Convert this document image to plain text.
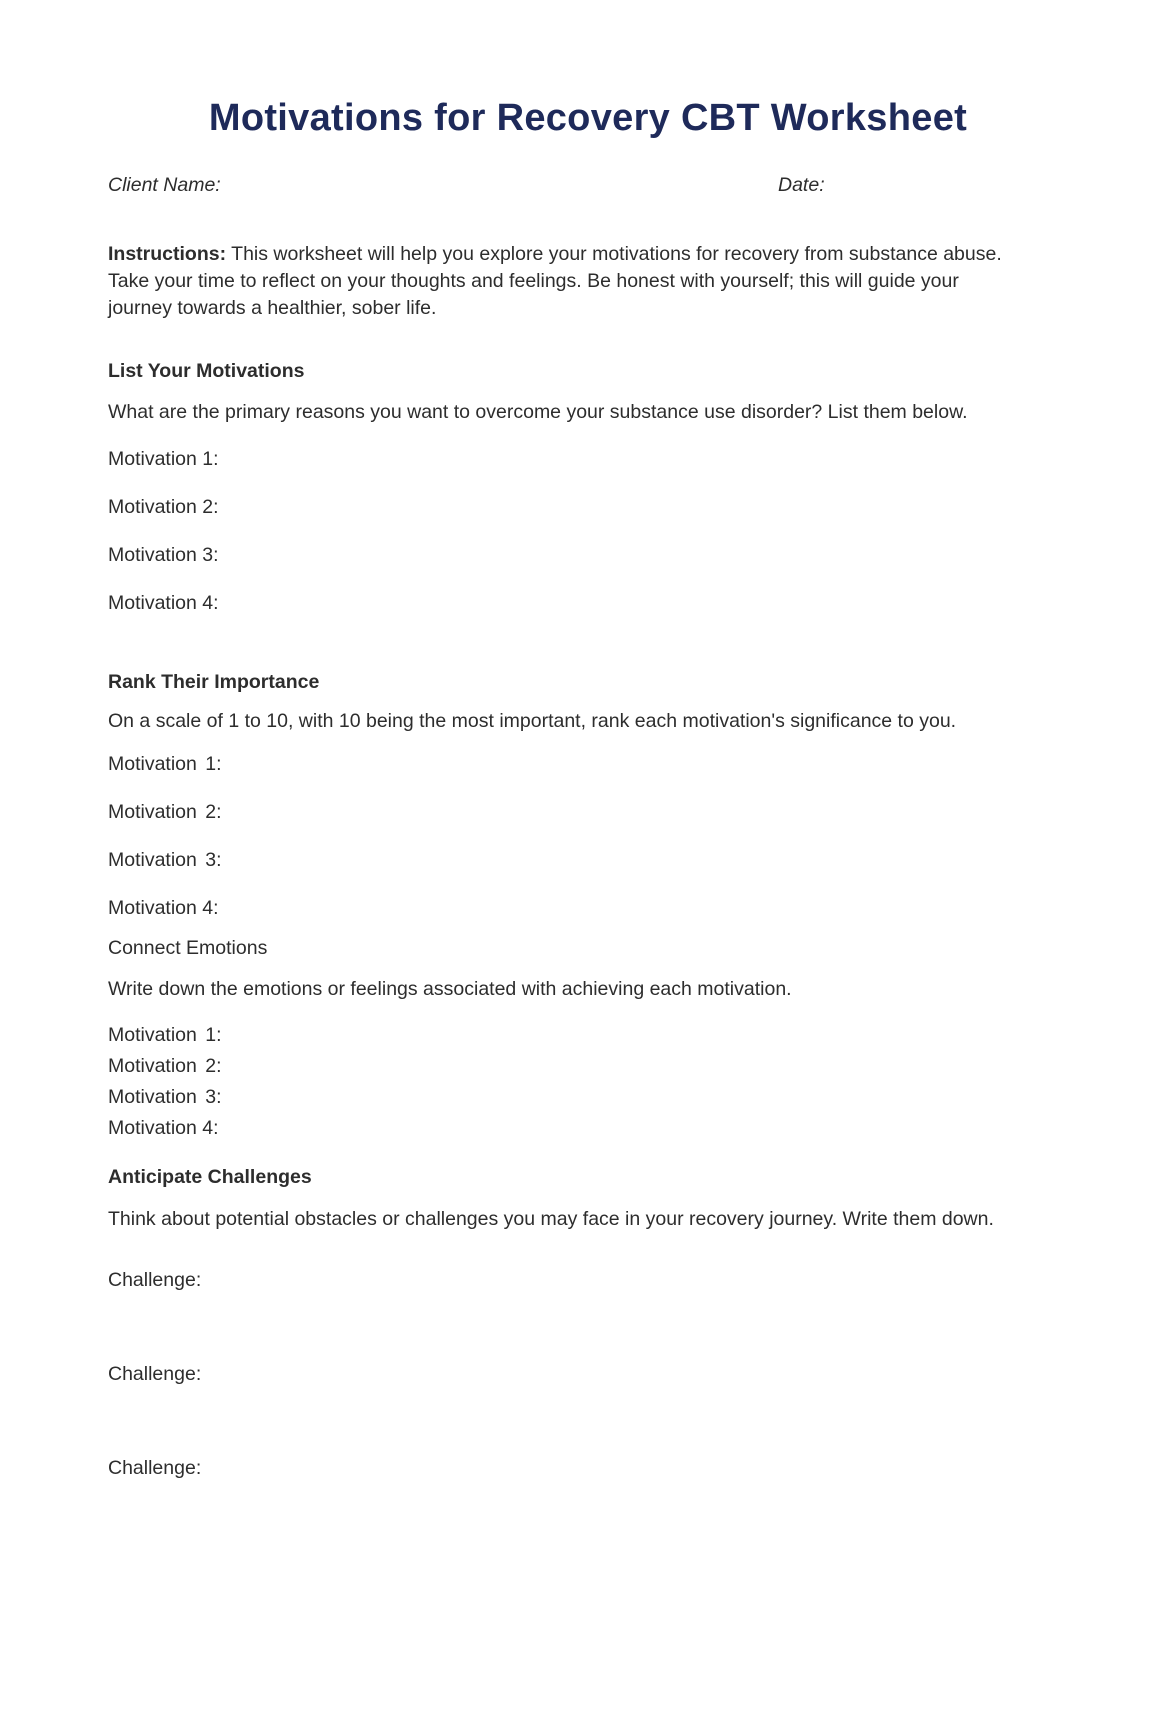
Motivations for Recovery CBT Worksheet
Client Name:	Date:

Instructions: This worksheet will help you explore your motivations for recovery from substance abuse. Take your time to reflect on your thoughts and feelings. Be honest with yourself; this will guide your journey towards a healthier, sober life.

List Your Motivations

What are the primary reasons you want to overcome your substance use disorder? List them below.

Motivation 1:

Motivation 2:

Motivation 3:

Motivation 4:

Rank Their Importance

On a scale of 1 to 10, with 10 being the most important, rank each motivation's significance to you.

Motivation 1:

Motivation 2:

Motivation 3:

Motivation 4:

Connect Emotions

Write down the emotions or feelings associated with achieving each motivation.

Motivation 1:

Motivation 2:

Motivation 3:

Motivation 4:

Anticipate Challenges

Think about potential obstacles or challenges you may face in your recovery journey. Write them down.

Challenge:

Challenge:

Challenge:
